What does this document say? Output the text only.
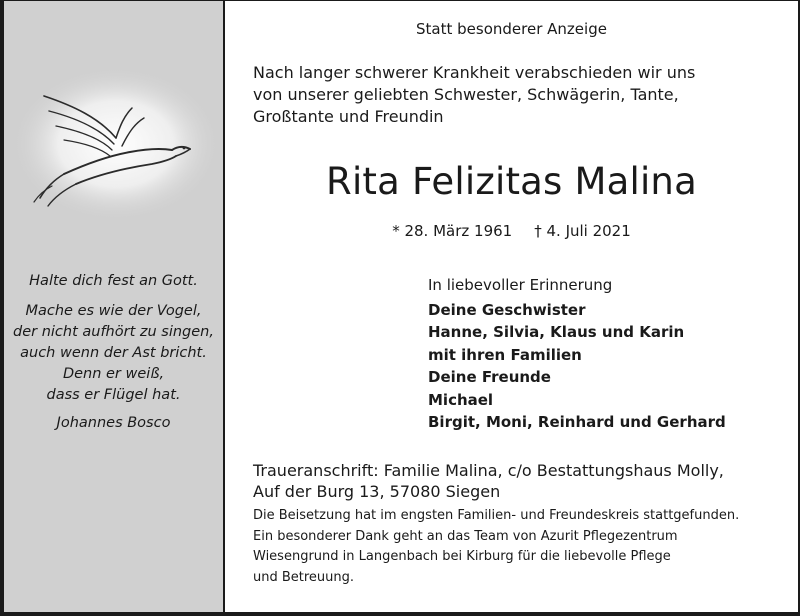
Halte dich fest an Gott.
Mache es wie der Vogel,
der nicht aufhört zu singen,
auch wenn der Ast bricht.
Denn er weiß,
dass er Flügel hat.
Johannes Bosco
Statt besonderer Anzeige
Nach langer schwerer Krankheit verabschieden wir uns
von unserer geliebten Schwester, Schwägerin, Tante,
Großtante und Freundin
Rita Felizitas Malina
* 28. März 1961 † 4. Juli 2021
In liebevoller Erinnerung
Deine Geschwister
Hanne, Silvia, Klaus und Karin
mit ihren Familien
Deine Freunde
Michael
Birgit, Moni, Reinhard und Gerhard
Traueranschrift: Familie Malina, c/o Bestattungshaus Molly,
Auf der Burg 13, 57080 Siegen
Die Beisetzung hat im engsten Familien- und Freundeskreis stattgefunden.
Ein besonderer Dank geht an das Team von Azurit Pflegezentrum
Wiesengrund in Langenbach bei Kirburg für die liebevolle Pflege
und Betreuung.
